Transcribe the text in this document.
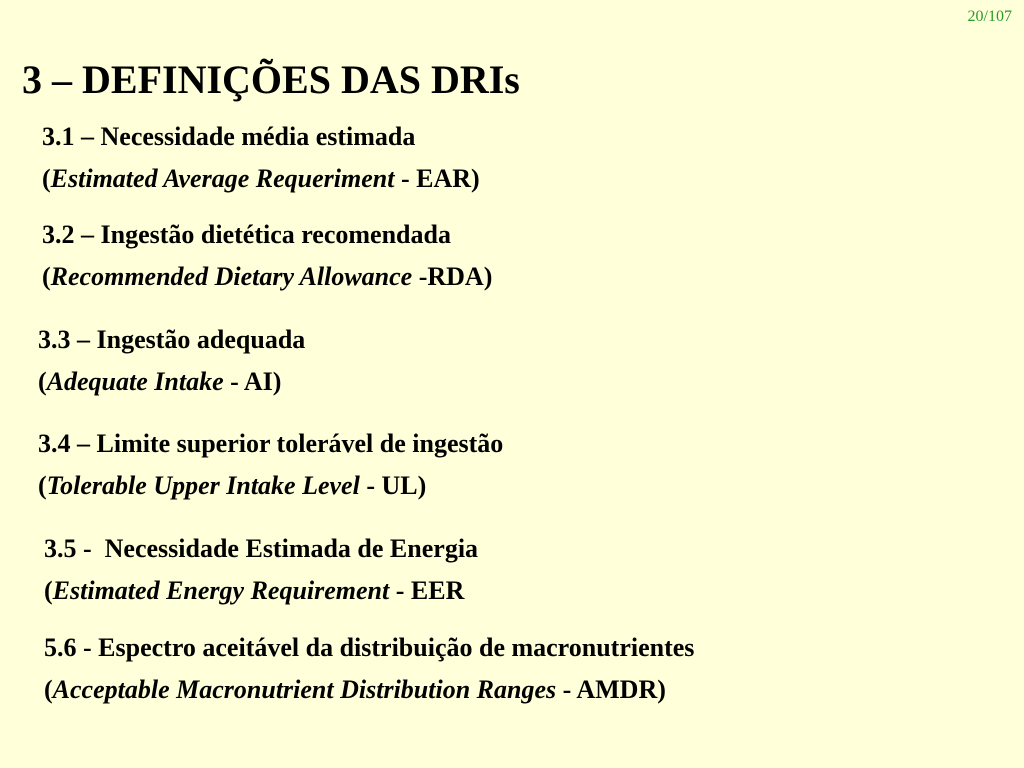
20/107
3 – DEFINIÇÕES DAS DRIs
3.1 – Necessidade média estimada
(Estimated Average Requeriment - EAR)
3.2 – Ingestão dietética recomendada
(Recommended Dietary Allowance -RDA)
3.3 – Ingestão adequada
(Adequate Intake - AI)
3.4 – Limite superior tolerável de ingestão
(Tolerable Upper Intake Level - UL)
3.5 -  Necessidade Estimada de Energia
(Estimated Energy Requirement - EER
5.6 - Espectro aceitável da distribuição de macronutrientes
(Acceptable Macronutrient Distribution Ranges - AMDR)
